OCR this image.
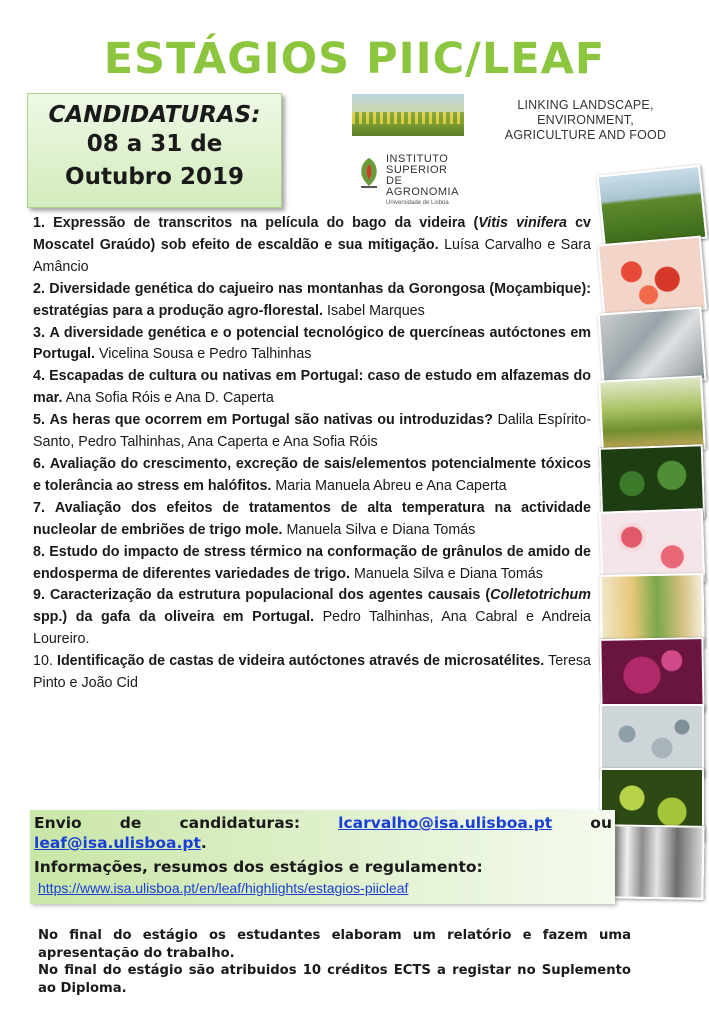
ESTÁGIOS PIIC/LEAF
CANDIDATURAS:
08 a 31 de
Outubro 2019
LINKING LANDSCAPE, ENVIRONMENT,
AGRICULTURE AND FOOD
INSTITUTO
SUPERIOR DE
AGRONOMIA
Universidade de Lisboa

1. Expressão de transcritos na película do bago da videira (Vitis vinifera cv Moscatel Graúdo) sob efeito de escaldão e sua mitigação. Luísa Carvalho e Sara Amâncio

2. Diversidade genética do cajueiro nas montanhas da Gorongosa (Moçambique): estratégias para a produção agro-florestal. Isabel Marques

3. A diversidade genética e o potencial tecnológico de quercíneas autóctones em Portugal. Vicelina Sousa e Pedro Talhinhas

4. Escapadas de cultura ou nativas em Portugal: caso de estudo em alfazemas do mar. Ana Sofia Róis e Ana D. Caperta

5. As heras que ocorrem em Portugal são nativas ou introduzidas? Dalila Espírito-Santo, Pedro Talhinhas, Ana Caperta e Ana Sofia Róis

6. Avaliação do crescimento, excreção de sais/elementos potencialmente tóxicos e tolerância ao stress em halófitos. Maria Manuela Abreu e Ana Caperta

7. Avaliação dos efeitos de tratamentos de alta temperatura na actividade nucleolar de embriões de trigo mole. Manuela Silva e Diana Tomás

8. Estudo do impacto de stress térmico na conformação de grânulos de amido de endosperma de diferentes variedades de trigo. Manuela Silva e Diana Tomás

9. Caracterização da estrutura populacional dos agentes causais (Colletotrichum spp.) da gafa da oliveira em Portugal. Pedro Talhinhas, Ana Cabral e Andreia Loureiro.

10. Identificação de castas de videira autóctones através de microsatélites. Teresa Pinto e João Cid

Envio de candidaturas: lcarvalho@isa.ulisboa.pt ou
leaf@isa.ulisboa.pt.
Informações, resumos dos estágios e regulamento:
https://www.isa.ulisboa.pt/en/leaf/highlights/estagios-piicleaf

No final do estágio os estudantes elaboram um relatório e fazem uma apresentação do trabalho.

No final do estágio são atribuidos 10 créditos ECTS a registar no Suplemento ao Diploma.
